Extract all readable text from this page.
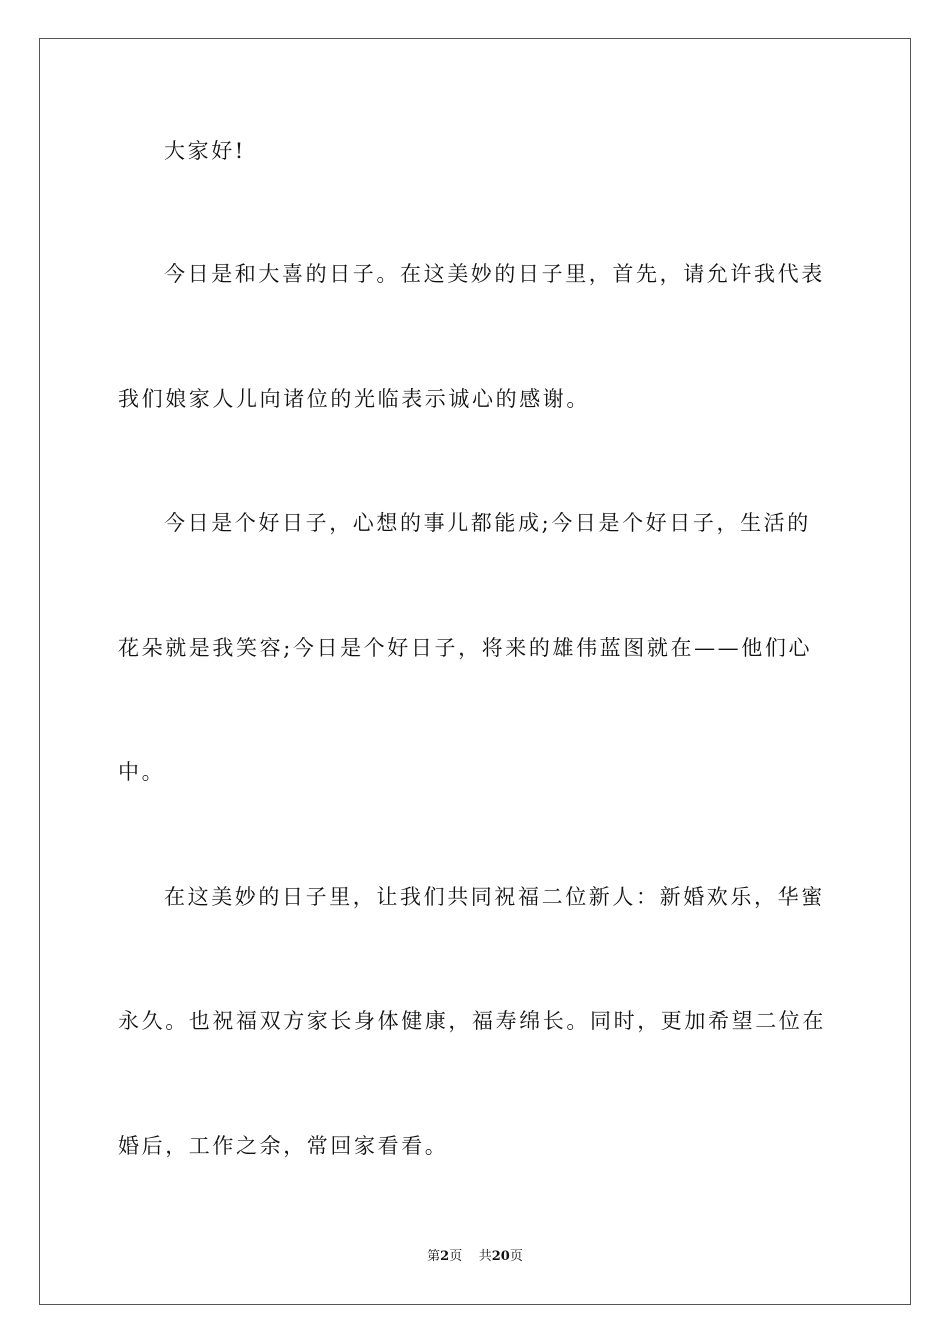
大家好!
今日是和大喜的日子。在这美妙的日子里，首先，请允许我代表
我们娘家人儿向诸位的光临表示诚心的感谢。
今日是个好日子，心想的事儿都能成;今日是个好日子，生活的
花朵就是我笑容;今日是个好日子，将来的雄伟蓝图就在——他们心
中。
在这美妙的日子里，让我们共同祝福二位新人：新婚欢乐，华蜜
永久。也祝福双方家长身体健康，福寿绵长。同时，更加希望二位在
婚后，工作之余，常回家看看。
第2页 共20页
